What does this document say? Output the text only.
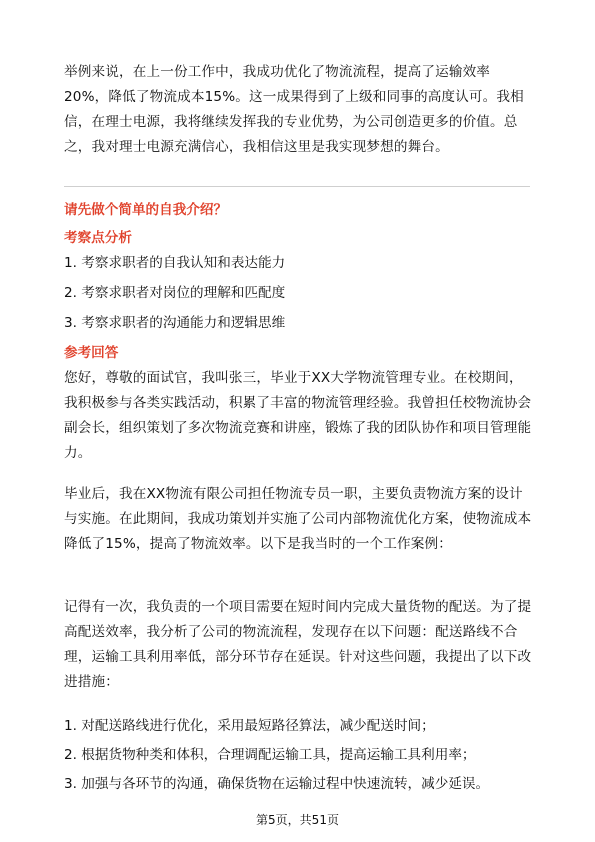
举例来说，在上一份工作中，我成功优化了物流流程，提高了运输效率20%，降低了物流成本15%。这一成果得到了上级和同事的高度认可。我相信，在理士电源，我将继续发挥我的专业优势，为公司创造更多的价值。总之，我对理士电源充满信心，我相信这里是我实现梦想的舞台。

请先做个简单的自我介绍？

考察点分析

1. 考察求职者的自我认知和表达能力

2. 考察求职者对岗位的理解和匹配度

3. 考察求职者的沟通能力和逻辑思维

参考回答

您好，尊敬的面试官，我叫张三，毕业于XX大学物流管理专业。在校期间，我积极参与各类实践活动，积累了丰富的物流管理经验。我曾担任校物流协会副会长，组织策划了多次物流竞赛和讲座，锻炼了我的团队协作和项目管理能力。

毕业后，我在XX物流有限公司担任物流专员一职，主要负责物流方案的设计与实施。在此期间，我成功策划并实施了公司内部物流优化方案，使物流成本降低了15%，提高了物流效率。以下是我当时的一个工作案例：

记得有一次，我负责的一个项目需要在短时间内完成大量货物的配送。为了提高配送效率，我分析了公司的物流流程，发现存在以下问题：配送路线不合理，运输工具利用率低，部分环节存在延误。针对这些问题，我提出了以下改进措施：

1. 对配送路线进行优化，采用最短路径算法，减少配送时间；

2. 根据货物种类和体积，合理调配运输工具，提高运输工具利用率；

3. 加强与各环节的沟通，确保货物在运输过程中快速流转，减少延误。

第5页，共51页
